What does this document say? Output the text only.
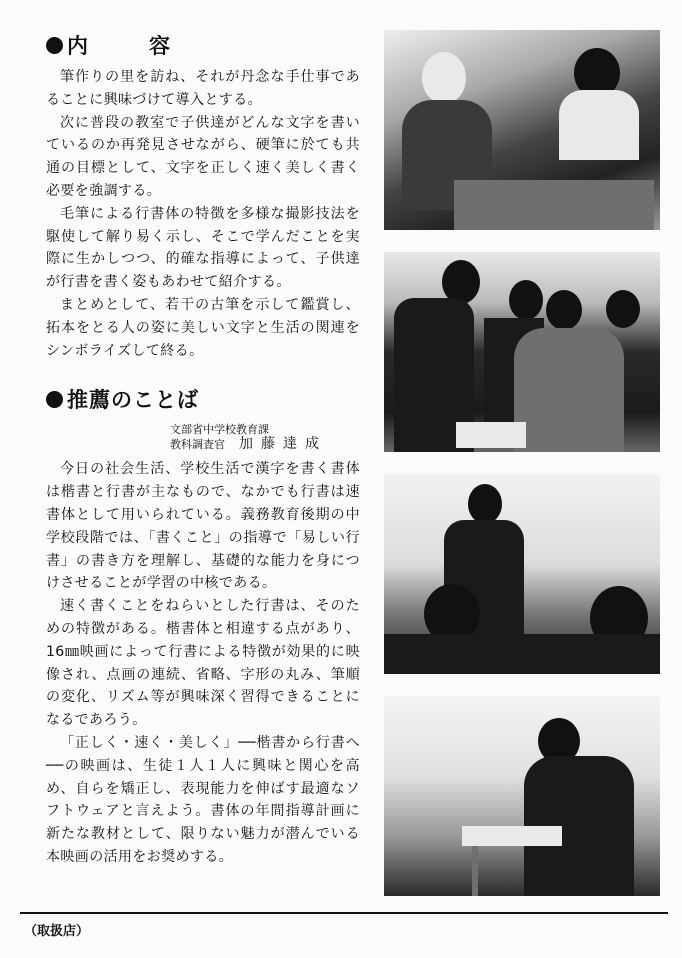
内　容

筆作りの里を訪ね、それが丹念な手仕事であることに興味づけて導入とする。

次に普段の教室で子供達がどんな文字を書いているのか再発見させながら、硬筆に於ても共通の目標として、文字を正しく速く美しく書く必要を強調する。

毛筆による行書体の特徴を多様な撮影技法を駆使して解り易く示し、そこで学んだことを実際に生かしつつ、的確な指導によって、子供達が行書を書く姿もあわせて紹介する。

まとめとして、若干の古筆を示して鑑賞し、拓本をとる人の姿に美しい文字と生活の関連をシンボライズして終る。

推薦のことば
文部省中学校教育課
教科調査官 加藤達成

今日の社会生活、学校生活で漢字を書く書体は楷書と行書が主なもので、なかでも行書は速書体として用いられている。義務教育後期の中学校段階では、「書くこと」の指導で「易しい行書」の書き方を理解し、基礎的な能力を身につけさせることが学習の中核である。

速く書くことをねらいとした行書は、そのための特徴がある。楷書体と相違する点があり、16㎜映画によって行書による特徴が効果的に映像され、点画の連続、省略、字形の丸み、筆順の変化、リズム等が興味深く習得できることになるであろう。

「正しく・速く・美しく」──楷書から行書へ──の映画は、生徒１人１人に興味と関心を高め、自らを矯正し、表現能力を伸ばす最適なソフトウェアと言えよう。書体の年間指導計画に新たな教材として、限りない魅力が潜んでいる本映画の活用をお奨めする。

（取扱店）
